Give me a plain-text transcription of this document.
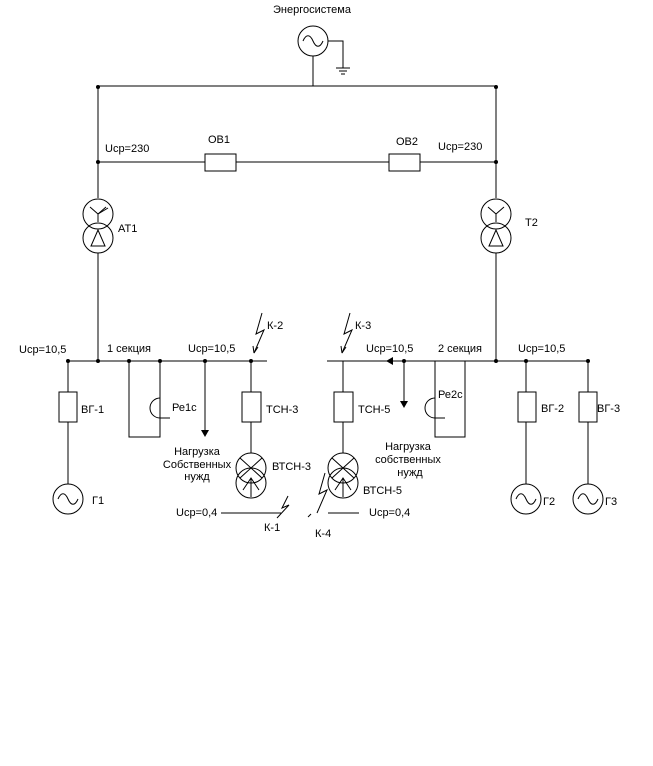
Энергосистема
ОВ1	ОВ2
Uср=230	Uср=230
АТ1	Т2
Uср=10,5	1 секция	Uср=10,5	Uср=10,5 2 секция	Uср=10,5
К-2	К-3
ВГ-1
Г1
Ре1с
Нагрузка
Собственных
нужд
ТСН-3
ВТСН-3
Uср=0,4
К-1
ТСН-5
ВТСН-5
Uср=0,4
К-4
Нагрузка
собственных
нужд
Ре2с
ВГ-2
Г2
ВГ-3
Г3
